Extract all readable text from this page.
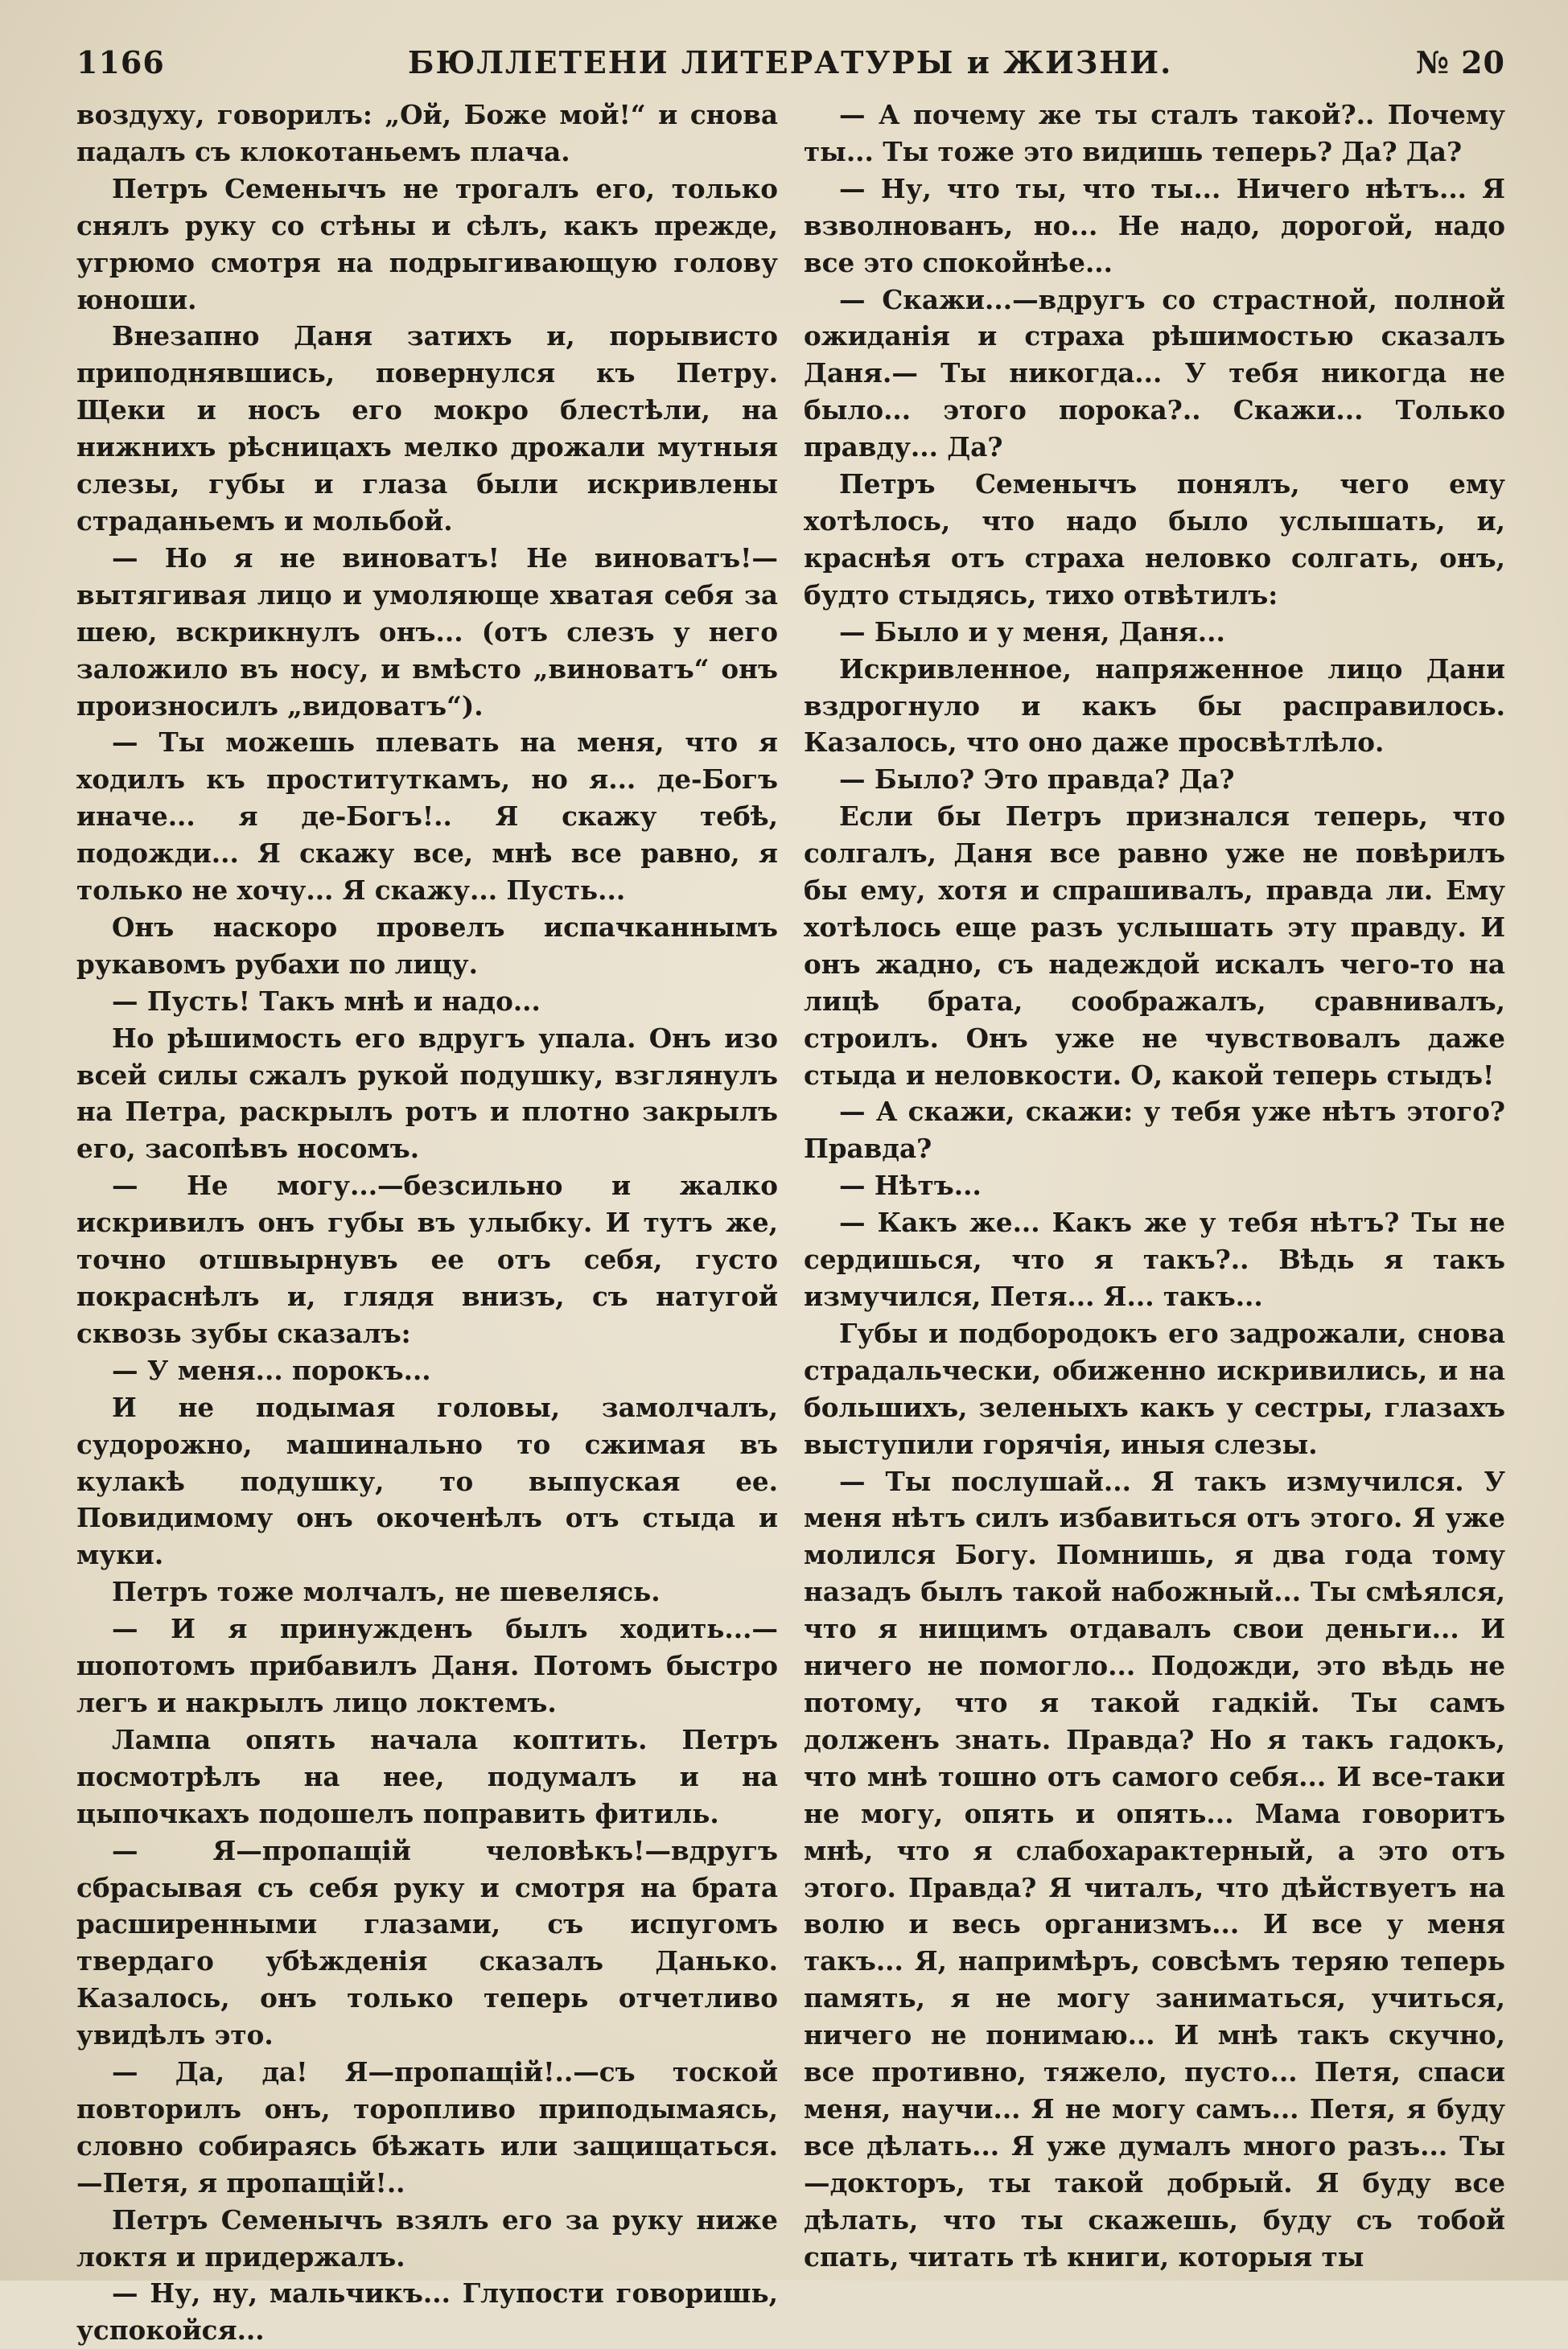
1166	БЮЛЛЕТЕНИ ЛИТЕРАТУРЫ и ЖИЗНИ.	№ 20

воздуху, говорилъ: „Ой, Боже мой!“ и снова падалъ съ клокотаньемъ плача.

Петръ Семенычъ не трогалъ его, только снялъ руку со стѣны и сѣлъ, какъ прежде, угрюмо смотря на подрыгивающую голову юноши.

Внезапно Даня затихъ и, порывисто приподнявшись, повернулся къ Петру. Щеки и носъ его мокро блестѣли, на нижнихъ рѣсницахъ мелко дрожали мутныя слезы, губы и глаза были искривлены страданьемъ и мольбой.

— Но я не виноватъ! Не виноватъ!—вытягивая лицо и умоляюще хватая себя за шею, вскрикнулъ онъ... (отъ слезъ у него заложило въ носу, и вмѣсто „виноватъ“ онъ произносилъ „видоватъ“).

— Ты можешь плевать на меня, что я ходилъ къ проституткамъ, но я... де-Богъ иначе... я де-Богъ!.. Я скажу тебѣ, подожди... Я скажу все, мнѣ все равно, я только не хочу... Я скажу... Пусть...

Онъ наскоро провелъ испачканнымъ рукавомъ рубахи по лицу.

— Пусть! Такъ мнѣ и надо...

Но рѣшимость его вдругъ упала. Онъ изо всей силы сжалъ рукой подушку, взглянулъ на Петра, раскрылъ ротъ и плотно закрылъ его, засопѣвъ носомъ.

— Не могу...—безсильно и жалко искривилъ онъ губы въ улыбку. И тутъ же, точно отшвырнувъ ее отъ себя, густо покраснѣлъ и, глядя внизъ, съ натугой сквозь зубы сказалъ:

— У меня... порокъ...

И не подымая головы, замолчалъ, судорожно, машинально то сжимая въ кулакѣ подушку, то выпуская ее. Повидимому онъ окоченѣлъ отъ стыда и муки.

Петръ тоже молчалъ, не шевелясь.

— И я принужденъ былъ ходить...—шопотомъ прибавилъ Даня. Потомъ быстро легъ и накрылъ лицо локтемъ.

Лампа опять начала коптить. Петръ посмотрѣлъ на нее, подумалъ и на цыпочкахъ подошелъ поправить фитиль.

— Я—пропащій человѣкъ!—вдругъ сбрасывая съ себя руку и смотря на брата расширенными глазами, съ испугомъ твердаго убѣжденія сказалъ Данько. Казалось, онъ только теперь отчетливо увидѣлъ это.

— Да, да! Я—пропащій!..—съ тоской повторилъ онъ, торопливо приподымаясь, словно собираясь бѣжать или защищаться.—Петя, я пропащій!..

Петръ Семенычъ взялъ его за руку ниже локтя и придержалъ.

— Ну, ну, мальчикъ... Глупости говоришь, успокойся...

— А почему же ты сталъ такой?.. Почему ты... Ты тоже это видишь теперь? Да? Да?

— Ну, что ты, что ты... Ничего нѣтъ... Я взволнованъ, но... Не надо, дорогой, надо все это спокойнѣе...

— Скажи...—вдругъ со страстной, полной ожиданія и страха рѣшимостью сказалъ Даня.— Ты никогда... У тебя никогда не было... этого порока?.. Скажи... Только правду... Да?

Петръ Семенычъ понялъ, чего ему хотѣлось, что надо было услышать, и, краснѣя отъ страха неловко солгать, онъ, будто стыдясь, тихо отвѣтилъ:

— Было и у меня, Даня...

Искривленное, напряженное лицо Дани вздрогнуло и какъ бы расправилось. Казалось, что оно даже просвѣтлѣло.

— Было? Это правда? Да?

Если бы Петръ признался теперь, что солгалъ, Даня все равно уже не повѣрилъ бы ему, хотя и спрашивалъ, правда ли. Ему хотѣлось еще разъ услышать эту правду. И онъ жадно, съ надеждой искалъ чего-то на лицѣ брата, соображалъ, сравнивалъ, строилъ. Онъ уже не чувствовалъ даже стыда и неловкости. О, какой теперь стыдъ!

— А скажи, скажи: у тебя уже нѣтъ этого? Правда?

— Нѣтъ...

— Какъ же... Какъ же у тебя нѣтъ? Ты не сердишься, что я такъ?.. Вѣдь я такъ измучился, Петя... Я... такъ...

Губы и подбородокъ его задрожали, снова страдальчески, обиженно искривились, и на большихъ, зеленыхъ какъ у сестры, глазахъ выступили горячія, иныя слезы.

— Ты послушай... Я такъ измучился. У меня нѣтъ силъ избавиться отъ этого. Я уже молился Богу. Помнишь, я два года тому назадъ былъ такой набожный... Ты смѣялся, что я нищимъ отдавалъ свои деньги... И ничего не помогло... Подожди, это вѣдь не потому, что я такой гадкій. Ты самъ долженъ знать. Правда? Но я такъ гадокъ, что мнѣ тошно отъ самого себя... И все-таки не могу, опять и опять... Мама говоритъ мнѣ, что я слабохарактерный, а это отъ этого. Правда? Я читалъ, что дѣйствуетъ на волю и весь организмъ... И все у меня такъ... Я, напримѣръ, совсѣмъ теряю теперь память, я не могу заниматься, учиться, ничего не понимаю... И мнѣ такъ скучно, все противно, тяжело, пусто... Петя, спаси меня, научи... Я не могу самъ... Петя, я буду все дѣлать... Я уже думалъ много разъ... Ты—докторъ, ты такой добрый. Я буду все дѣлать, что ты скажешь, буду съ тобой спать, читать тѣ книги, которыя ты
